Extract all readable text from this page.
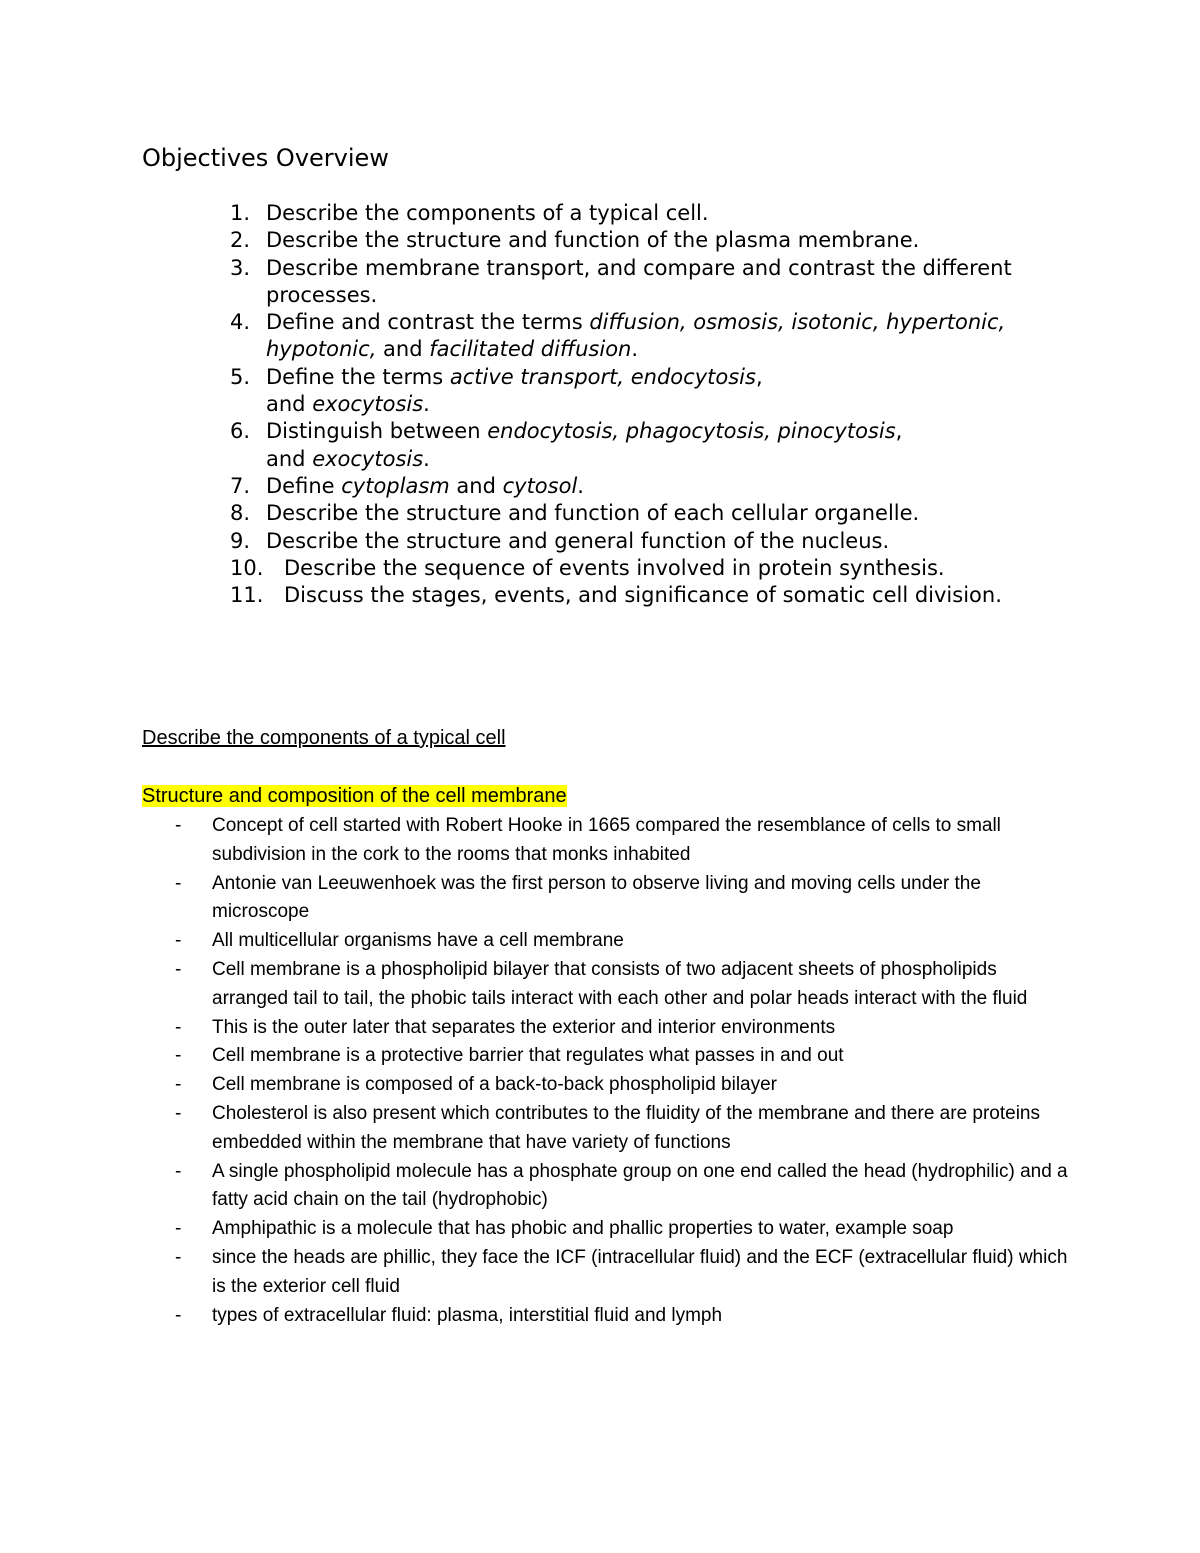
Objectives Overview
1. Describe the components of a typical cell.
2. Describe the structure and function of the plasma membrane.
3. Describe membrane transport, and compare and contrast the different processes.
4. Define and contrast the terms diffusion, osmosis, isotonic, hypertonic, hypotonic, and facilitated diffusion.
5. Define the terms active transport, endocytosis,
and exocytosis.
6. Distinguish between endocytosis, phagocytosis, pinocytosis,
and exocytosis.
7. Define cytoplasm and cytosol.
8. Describe the structure and function of each cellular organelle.
9. Describe the structure and general function of the nucleus.
10. Describe the sequence of events involved in protein synthesis.
11. Discuss the stages, events, and significance of somatic cell division.
Describe the components of a typical cell
Structure and composition of the cell membrane
- Concept of cell started with Robert Hooke in 1665 compared the resemblance of cells to small subdivision in the cork to the rooms that monks inhabited
- Antonie van Leeuwenhoek was the first person to observe living and moving cells under the microscope
- All multicellular organisms have a cell membrane
- Cell membrane is a phospholipid bilayer that consists of two adjacent sheets of phospholipids arranged tail to tail, the phobic tails interact with each other and polar heads interact with the fluid
- This is the outer later that separates the exterior and interior environments
- Cell membrane is a protective barrier that regulates what passes in and out
- Cell membrane is composed of a back-to-back phospholipid bilayer
- Cholesterol is also present which contributes to the fluidity of the membrane and there are proteins embedded within the membrane that have variety of functions
- A single phospholipid molecule has a phosphate group on one end called the head (hydrophilic) and a fatty acid chain on the tail (hydrophobic)
- Amphipathic is a molecule that has phobic and phallic properties to water, example soap
- since the heads are phillic, they face the ICF (intracellular fluid) and the ECF (extracellular fluid) which is the exterior cell fluid
- types of extracellular fluid: plasma, interstitial fluid and lymph
